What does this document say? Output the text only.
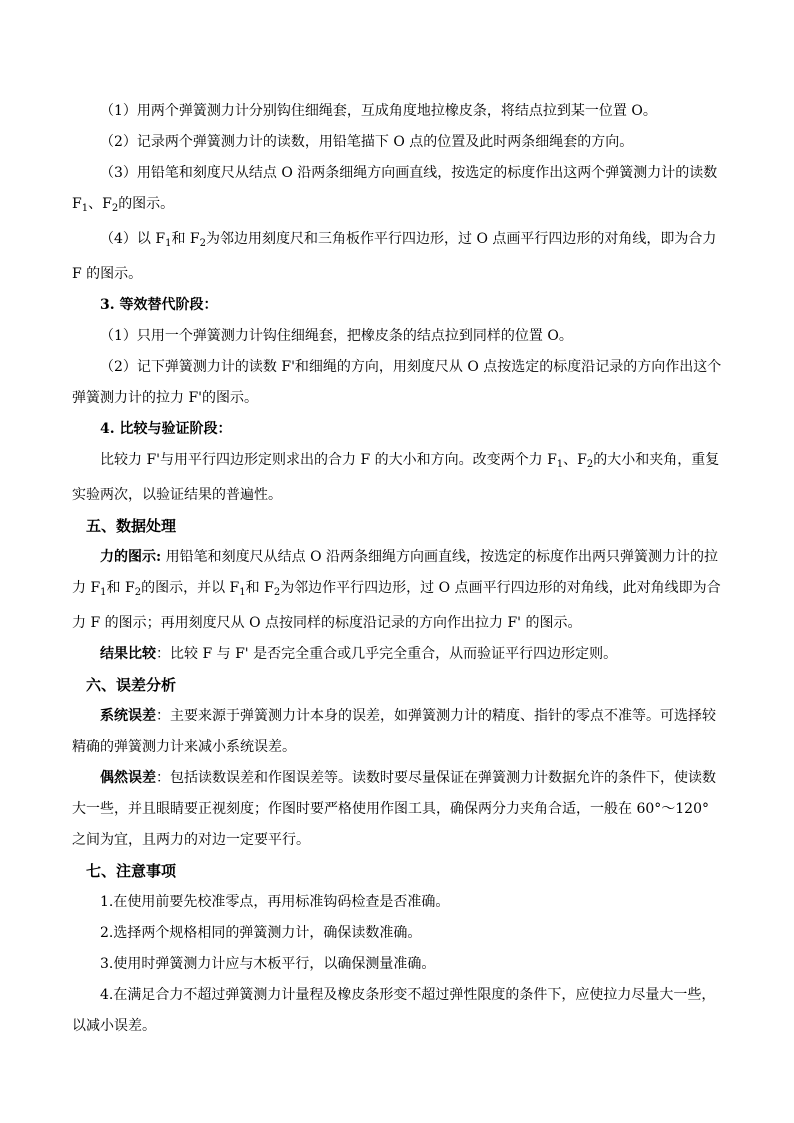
（1）用两个弹簧测力计分别钩住细绳套，互成角度地拉橡皮条，将结点拉到某一位置 O。

（2）记录两个弹簧测力计的读数，用铅笔描下 O 点的位置及此时两条细绳套的方向。

（3）用铅笔和刻度尺从结点 O 沿两条细绳方向画直线，按选定的标度作出这两个弹簧测力计的读数 $F_1$、$F_2$的图示。

（4）以 $F_1$和 $F_2$为邻边用刻度尺和三角板作平行四边形，过 O 点画平行四边形的对角线，即为合力 F 的图示。

3. 等效替代阶段：

（1）只用一个弹簧测力计钩住细绳套，把橡皮条的结点拉到同样的位置 O。

（2）记下弹簧测力计的读数 F'和细绳的方向，用刻度尺从 O 点按选定的标度沿记录的方向作出这个弹簧测力计的拉力 F'的图示。

4. 比较与验证阶段：

比较力 F'与用平行四边形定则求出的合力 F 的大小和方向。改变两个力 $F_1$、$F_2$的大小和夹角，重复实验两次，以验证结果的普遍性。

五、数据处理

力的图示: 用铅笔和刻度尺从结点 O 沿两条细绳方向画直线，按选定的标度作出两只弹簧测力计的拉力 $F_1$和 $F_2$的图示，并以 $F_1$和 $F_2$为邻边作平行四边形，过 O 点画平行四边形的对角线，此对角线即为合力 F 的图示；再用刻度尺从 O 点按同样的标度沿记录的方向作出拉力 F' 的图示。

结果比较：比较 F 与 F' 是否完全重合或几乎完全重合，从而验证平行四边形定则。

六、误差分析

系统误差：主要来源于弹簧测力计本身的误差，如弹簧测力计的精度、指针的零点不准等。可选择较精确的弹簧测力计来减小系统误差。

偶然误差：包括读数误差和作图误差等。读数时要尽量保证在弹簧测力计数据允许的条件下，使读数大一些，并且眼睛要正视刻度；作图时要严格使用作图工具，确保两分力夹角合适，一般在 60°～120° 之间为宜，且两力的对边一定要平行。

七、注意事项

1.在使用前要先校准零点，再用标准钩码检查是否准确。

2.选择两个规格相同的弹簧测力计，确保读数准确。

3.使用时弹簧测力计应与木板平行，以确保测量准确。

4.在满足合力不超过弹簧测力计量程及橡皮条形变不超过弹性限度的条件下，应使拉力尽量大一些，以减小误差。
